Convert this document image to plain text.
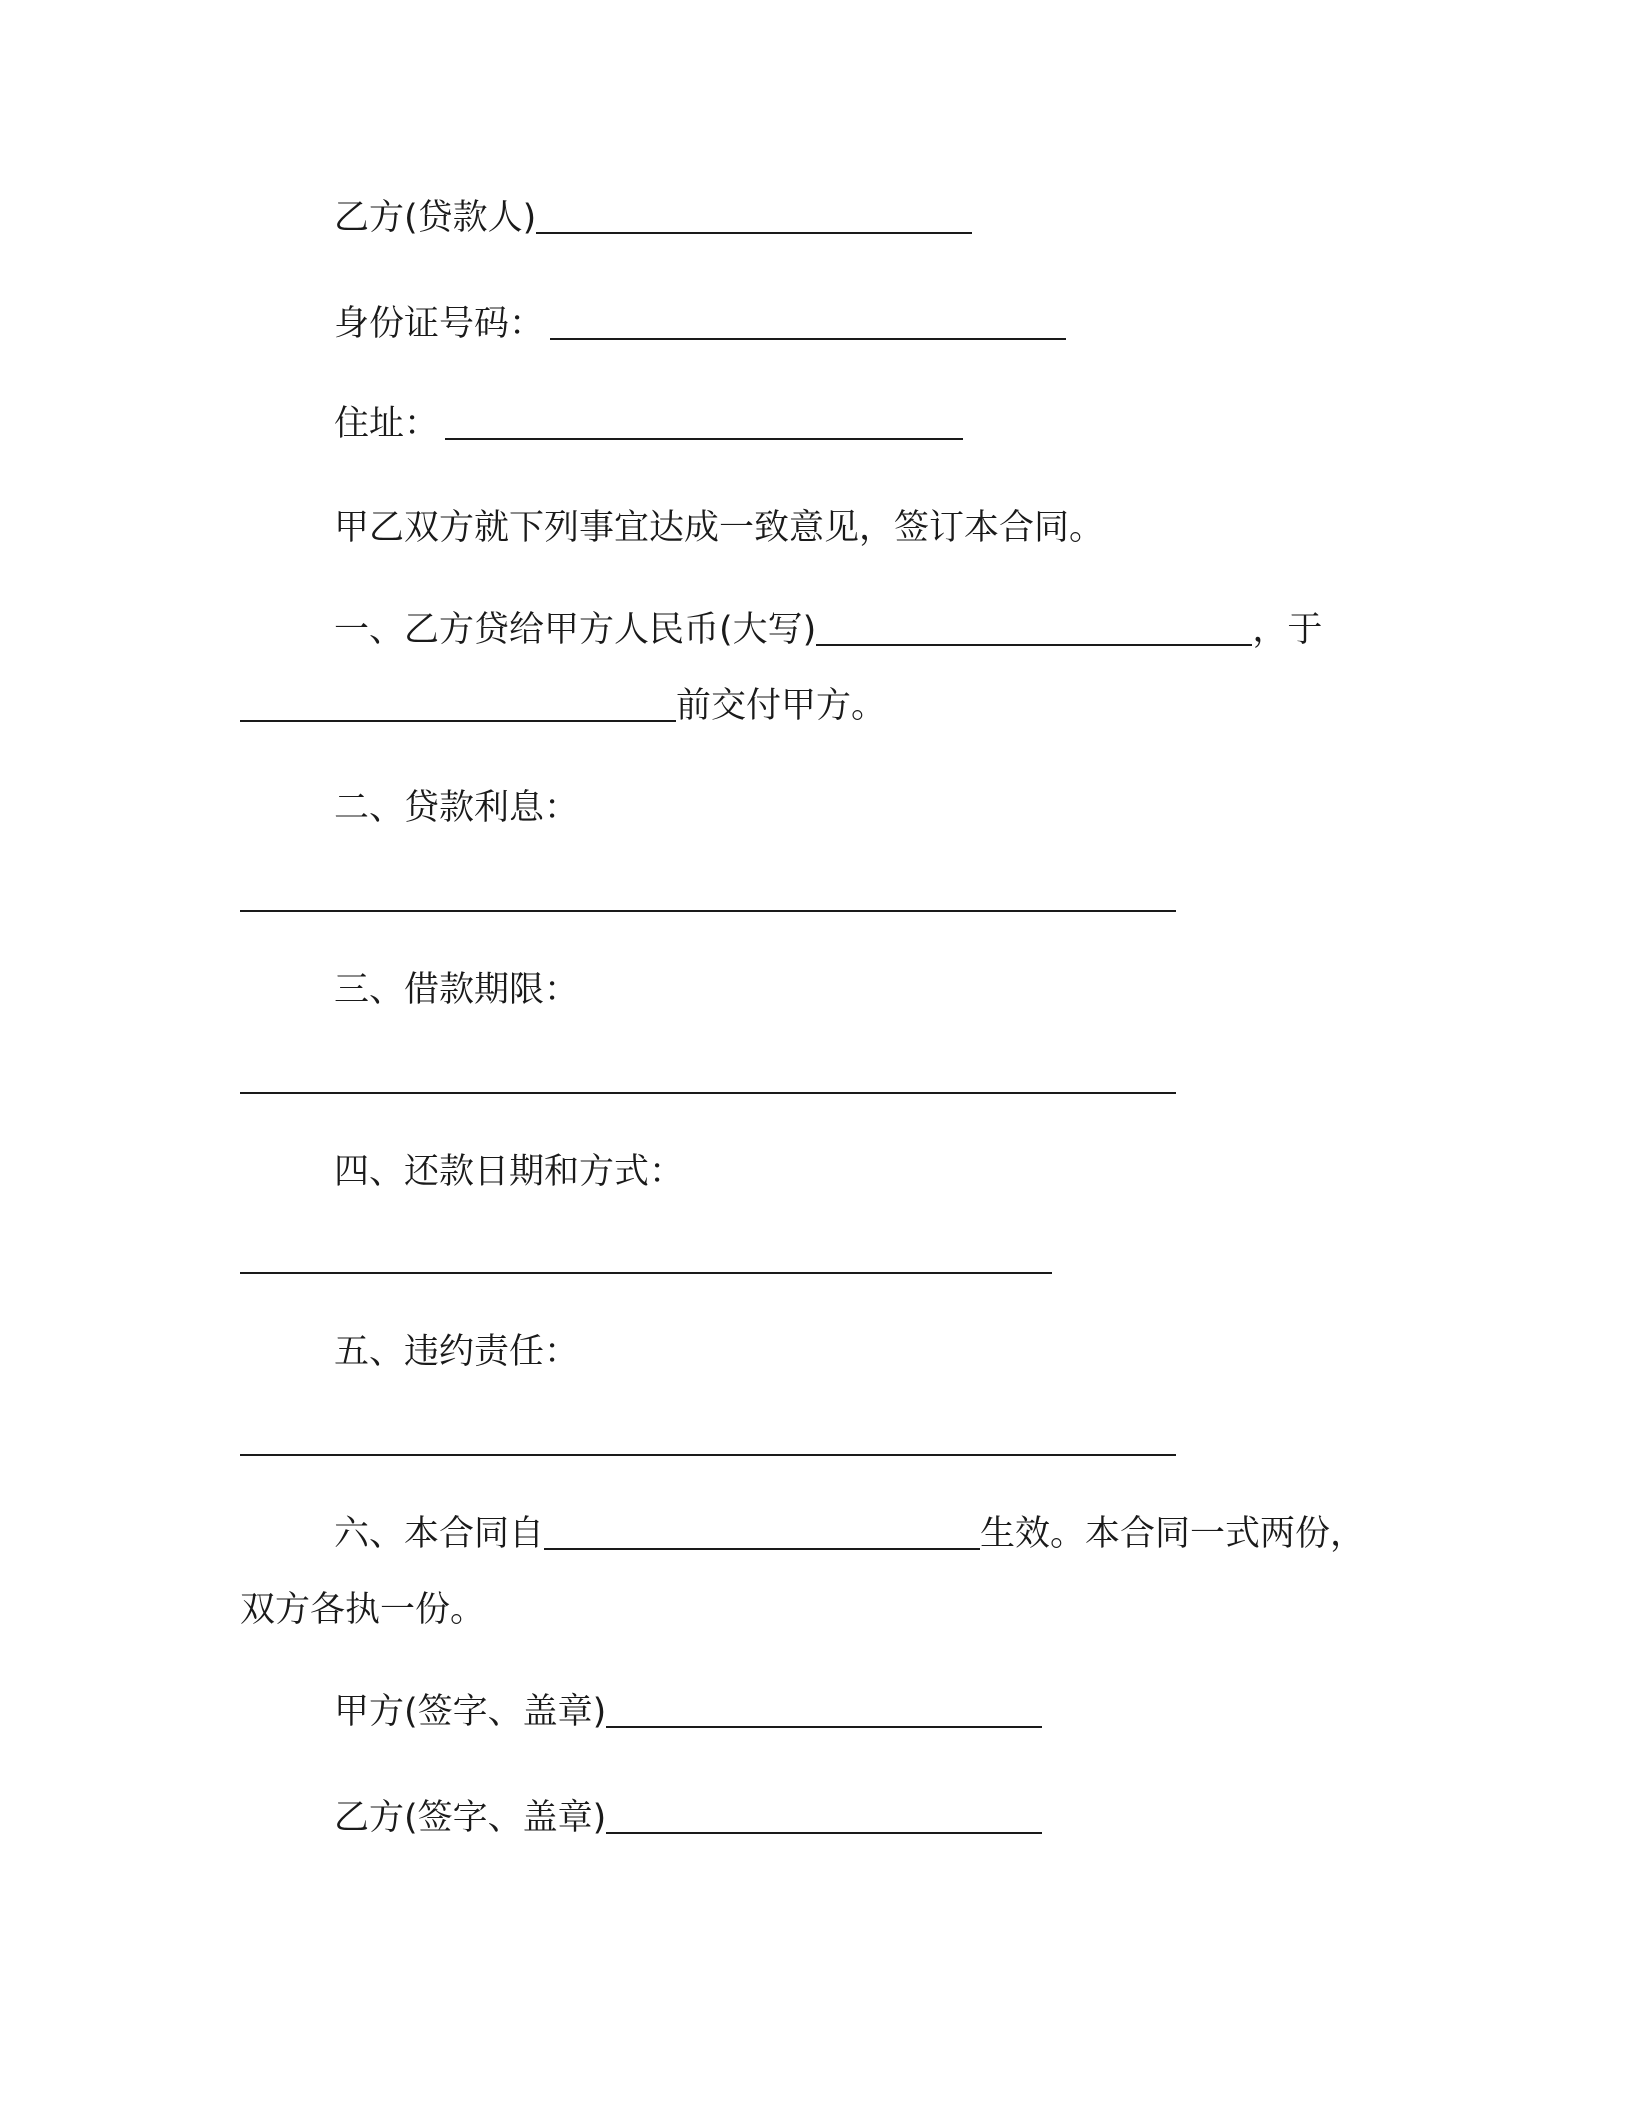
乙方(贷款人)
身份证号码：
住址：
甲乙双方就下列事宜达成一致意见，签订本合同。
一、乙方贷给甲方人民币(大写)	，于
前交付甲方。
二、贷款利息：
三、借款期限：
四、还款日期和方式：
五、违约责任：
六、本合同自	生效。本合同一式两份，
双方各执一份。
甲方(签字、盖章)
乙方(签字、盖章)
